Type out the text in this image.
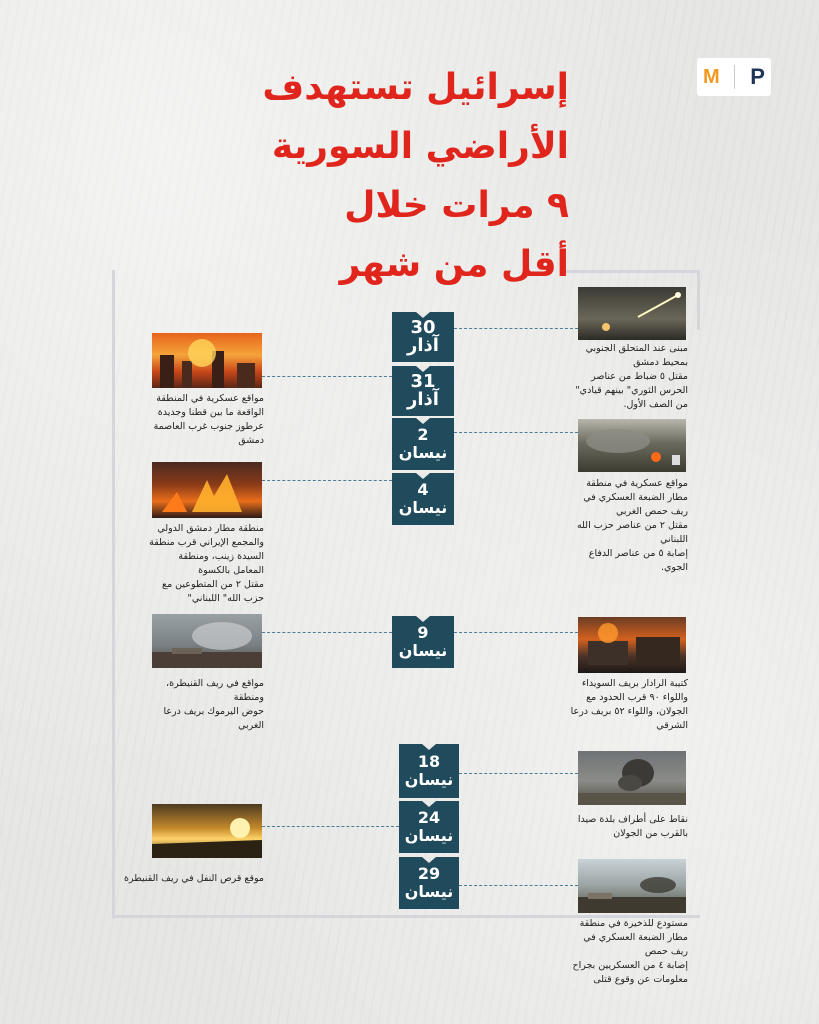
إسرائيل تستهدف
الأراضي السورية
٩ مرات خلال
أقل من شهر
M P
30 آذار
31 آذار
2
نيسان
4
نيسان
9
نيسان
18
نيسان
24
نيسان
29
نيسان
مواقع عسكرية في المنطقة
الواقعة ما بين قطنا وجديدة
عرطوز جنوب غرب العاصمة
دمشق
منطقة مطار دمشق الدولي
والمجمع الإيراني قرب منطقة
السيدة زينب، ومنطقة
المعامل بالكسوة
مقتل ٢ من المتطوعين مع
حزب الله" اللبناني"
مواقع في ريف القنيطرة، ومنطقة
حوض اليرموك بريف درعا الغربي
موقع قرص النفل في ريف القنيطرة
مبنى عند المتحلق الجنوبي
بمحيط دمشق
مقتل ٥ ضباط من عناصر
الحرس الثوري" بينهم قيادي"
من الصف الأول.
مواقع عسكرية في منطقة
مطار الضبعة العسكري في
ريف حمص الغربي
مقتل ٢ من عناصر حزب الله
اللبناني
إصابة ٥ من عناصر الدفاع
الجوي.
كتيبة الرادار بريف السويداء
واللواء ٩٠ قرب الحدود مع
الجولان، واللواء ٥٢ بريف درعا
الشرقي
نقاط على أطراف بلدة صيدا
بالقرب من الجولان
مستودع للذخيرة في منطقة
مطار الضبعة العسكري في
ريف حمص
إصابة ٤ من العسكريين بجراح
معلومات عن وقوع قتلى
